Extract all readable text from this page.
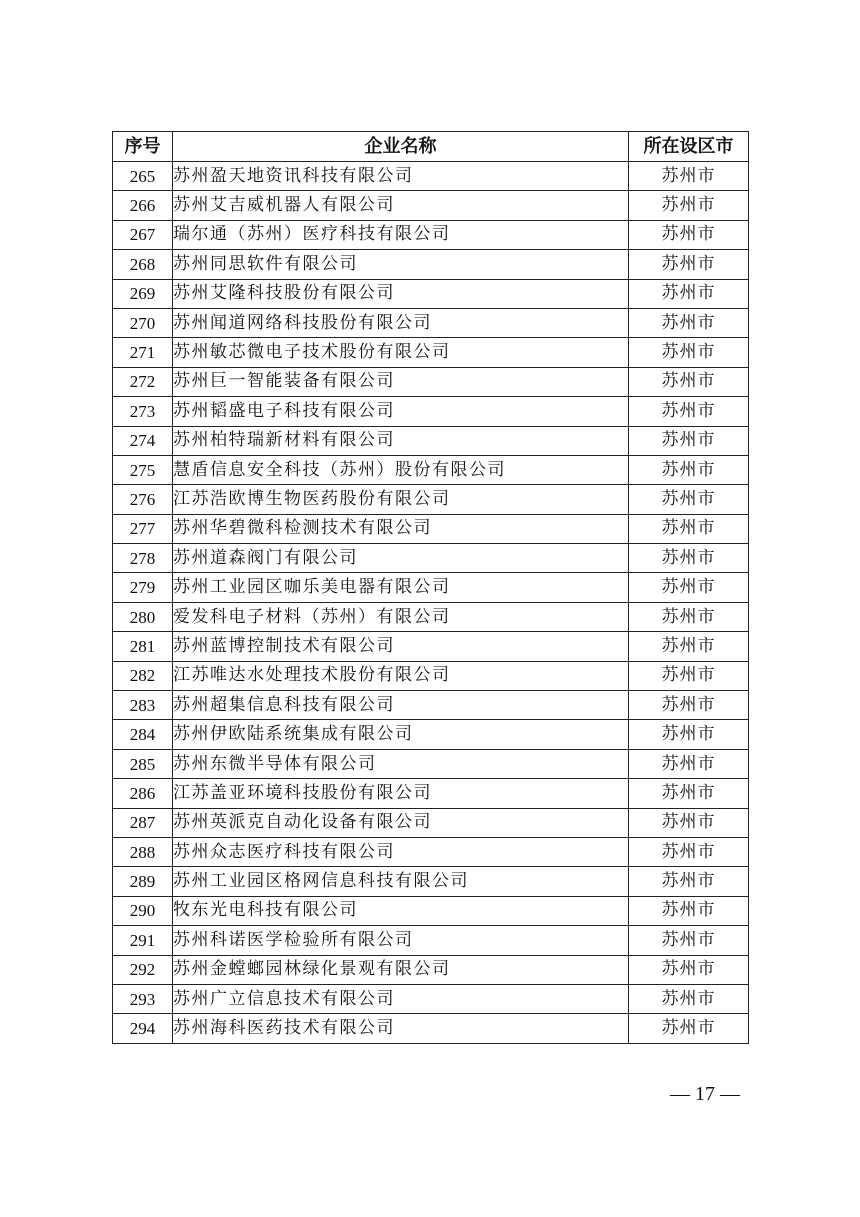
序号	企业名称	所在设区市
265	苏州盈天地资讯科技有限公司	苏州市
266	苏州艾吉威机器人有限公司	苏州市
267	瑞尔通（苏州）医疗科技有限公司	苏州市
268	苏州同思软件有限公司	苏州市
269	苏州艾隆科技股份有限公司	苏州市
270	苏州闻道网络科技股份有限公司	苏州市
271	苏州敏芯微电子技术股份有限公司	苏州市
272	苏州巨一智能装备有限公司	苏州市
273	苏州韬盛电子科技有限公司	苏州市
274	苏州柏特瑞新材料有限公司	苏州市
275	慧盾信息安全科技（苏州）股份有限公司	苏州市
276	江苏浩欧博生物医药股份有限公司	苏州市
277	苏州华碧微科检测技术有限公司	苏州市
278	苏州道森阀门有限公司	苏州市
279	苏州工业园区咖乐美电器有限公司	苏州市
280	爱发科电子材料（苏州）有限公司	苏州市
281	苏州蓝博控制技术有限公司	苏州市
282	江苏唯达水处理技术股份有限公司	苏州市
283	苏州超集信息科技有限公司	苏州市
284	苏州伊欧陆系统集成有限公司	苏州市
285	苏州东微半导体有限公司	苏州市
286	江苏盖亚环境科技股份有限公司	苏州市
287	苏州英派克自动化设备有限公司	苏州市
288	苏州众志医疗科技有限公司	苏州市
289	苏州工业园区格网信息科技有限公司	苏州市
290	牧东光电科技有限公司	苏州市
291	苏州科诺医学检验所有限公司	苏州市
292	苏州金螳螂园林绿化景观有限公司	苏州市
293	苏州广立信息技术有限公司	苏州市
294	苏州海科医药技术有限公司	苏州市
— 17 —
